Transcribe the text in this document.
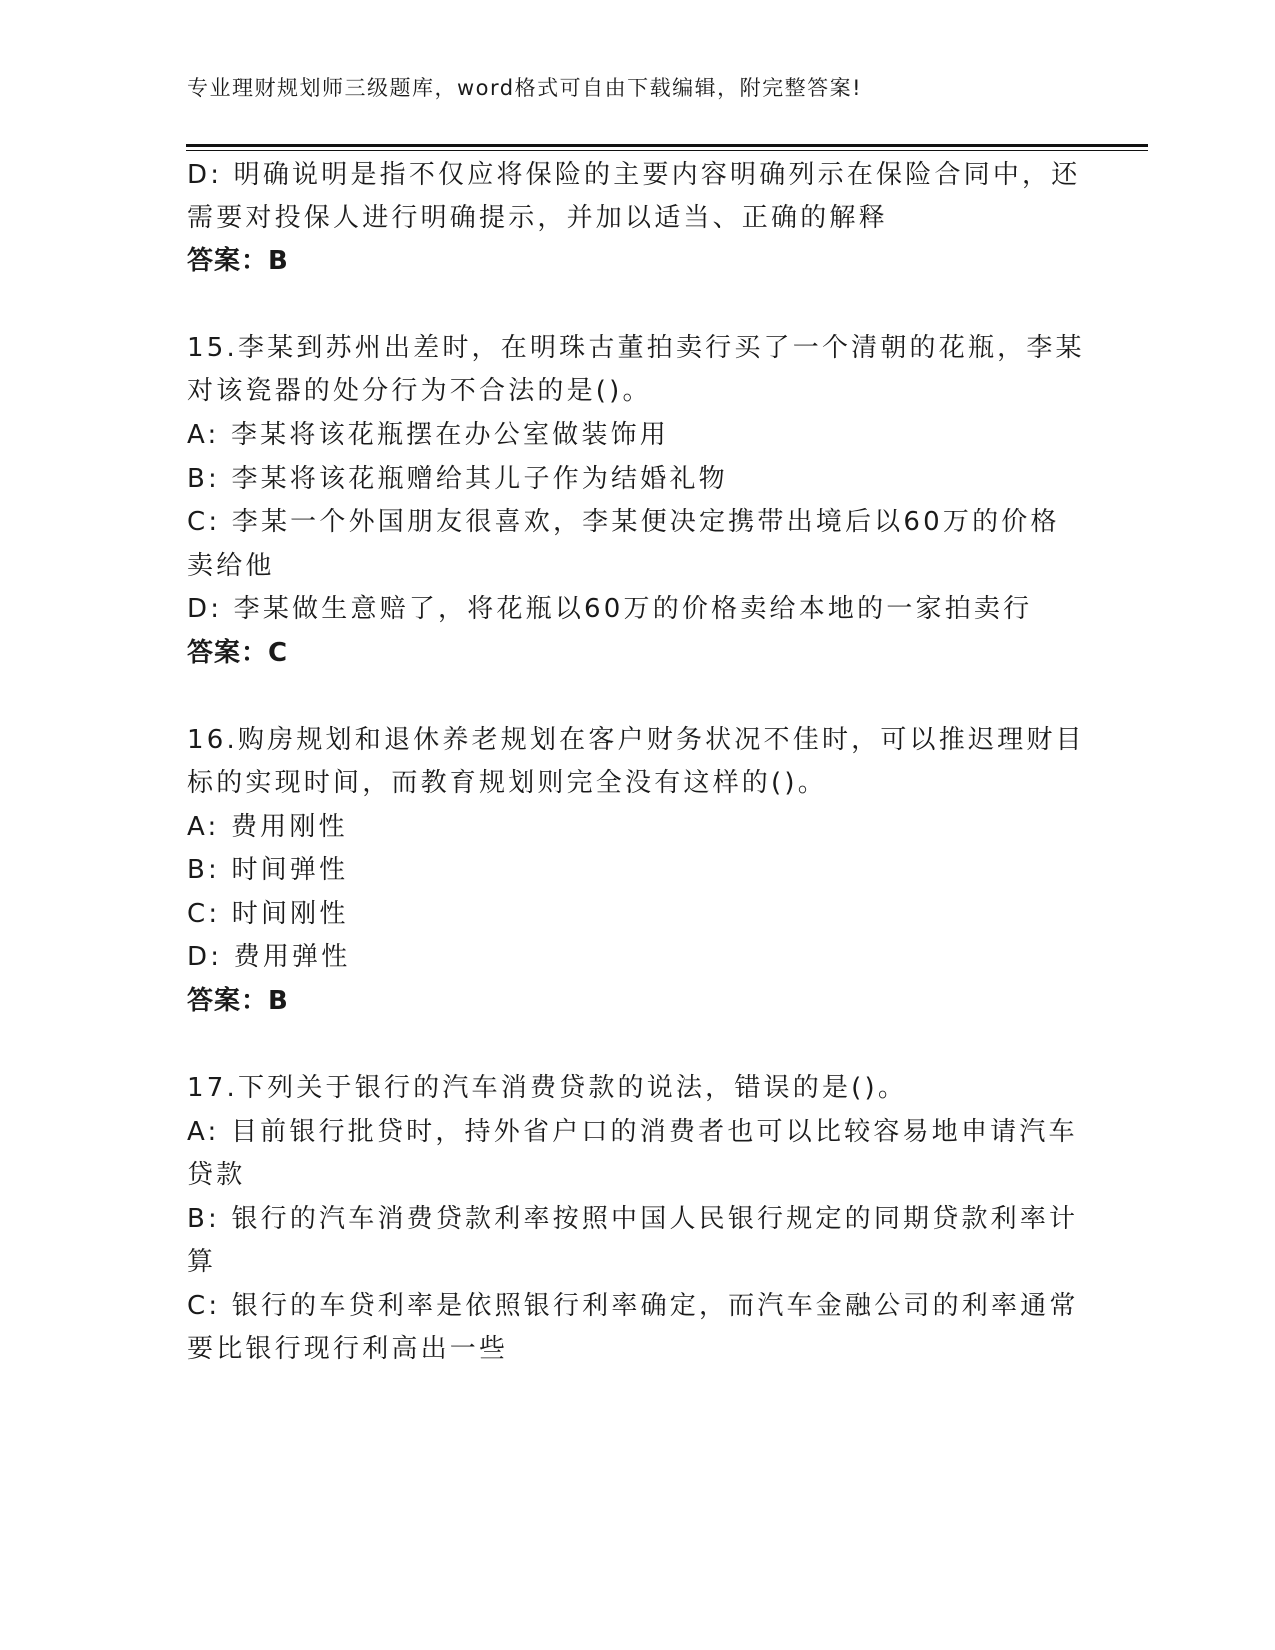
专业理财规划师三级题库，word格式可自由下载编辑，附完整答案!
D: 明确说明是指不仅应将保险的主要内容明确列示在保险合同中，还
需要对投保人进行明确提示，并加以适当、正确的解释
答案：B
15.李某到苏州出差时，在明珠古董拍卖行买了一个清朝的花瓶，李某
对该瓷器的处分行为不合法的是()。
A: 李某将该花瓶摆在办公室做装饰用
B: 李某将该花瓶赠给其儿子作为结婚礼物
C: 李某一个外国朋友很喜欢，李某便决定携带出境后以60万的价格
卖给他
D: 李某做生意赔了，将花瓶以60万的价格卖给本地的一家拍卖行
答案：C
16.购房规划和退休养老规划在客户财务状况不佳时，可以推迟理财目
标的实现时间，而教育规划则完全没有这样的()。
A: 费用刚性
B: 时间弹性
C: 时间刚性
D: 费用弹性
答案：B
17.下列关于银行的汽车消费贷款的说法，错误的是()。
A: 目前银行批贷时，持外省户口的消费者也可以比较容易地申请汽车
贷款
B: 银行的汽车消费贷款利率按照中国人民银行规定的同期贷款利率计
算
C: 银行的车贷利率是依照银行利率确定，而汽车金融公司的利率通常
要比银行现行利高出一些
